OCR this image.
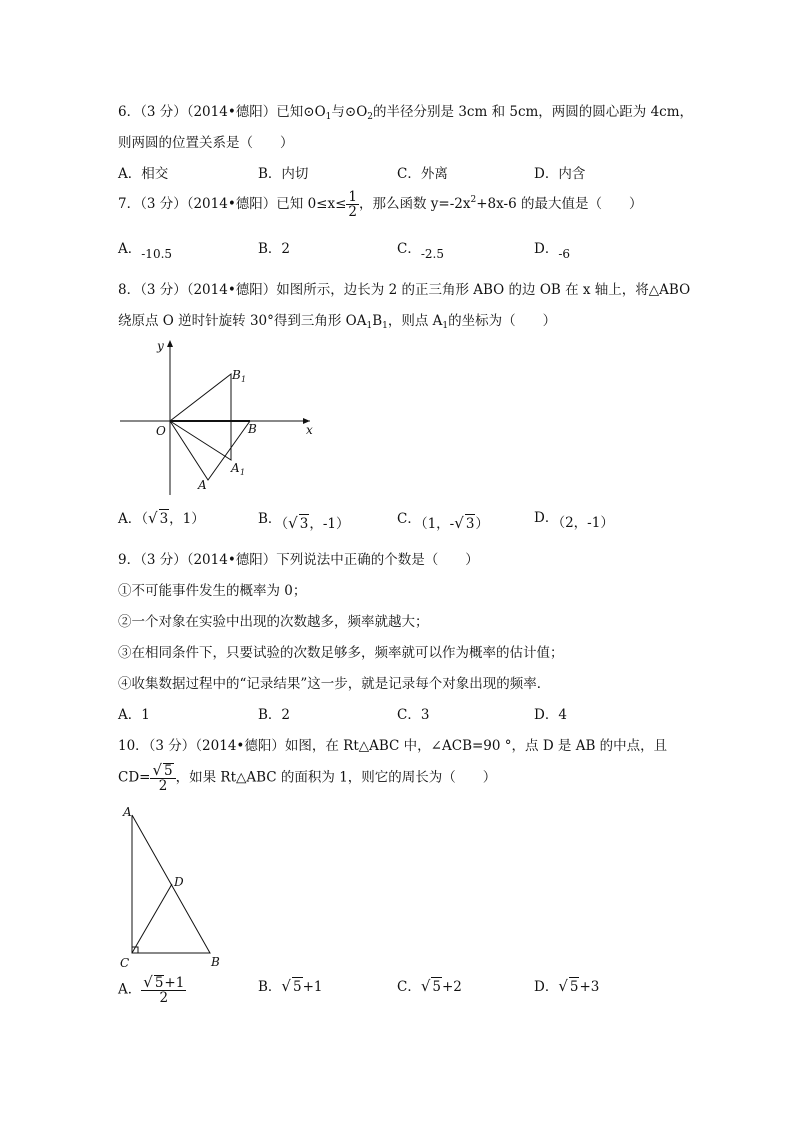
6．（3 分）（2014•德阳）已知$⊙O_1$与$⊙O_2$的半径分别是 3cm 和 5cm，两圆的圆心距为 4cm，
则两圆的位置关系是（　　）
A．相交	B．内切	C．外离	D．内含
7．（3 分）（2014•德阳）已知 $0\le x\le \frac{1}{2}$ ，那么函数 $y=-2x^2+8x-6$ 的最大值是（　　）
A．-10.5	B．2	C．-2.5	D．-6
8．（3 分）（2014•德阳）如图所示，边长为 2 的正三角形 ABO 的边 OB 在 x 轴上，将△ABO
绕原点 O 逆时针旋转 30°得到三角形 $OA_1B_1$，则点 $A_1$的坐标为（　　）
y
x
O	B
B 1
A 1
A
A．（√ 3，1）	B．（√ 3，-1）	C．（1，-√ 3）	D．（2，-1）
9．（3 分）（2014•德阳）下列说法中正确的个数是（　　）
①不可能事件发生的概率为 0；
②一个对象在实验中出现的次数越多，频率就越大；
③在相同条件下，只要试验的次数足够多，频率就可以作为概率的估计值；
④收集数据过程中的“记录结果”这一步，就是记录每个对象出现的频率．
A．1	B．2	C．3	D．4
10．（3 分）（2014•德阳）如图，在 Rt△ABC 中，∠ACB=90 °，点 D 是 AB 的中点，且
$CD= \frac{√ 5}{2}$ ，如果 Rt△ABC 的面积为 1，则它的周长为（　　）
A
D
C	B
A． $\frac{√ 5+1}{2}$	B．√ 5+1	C．√ 5+2	D．√ 5+3
